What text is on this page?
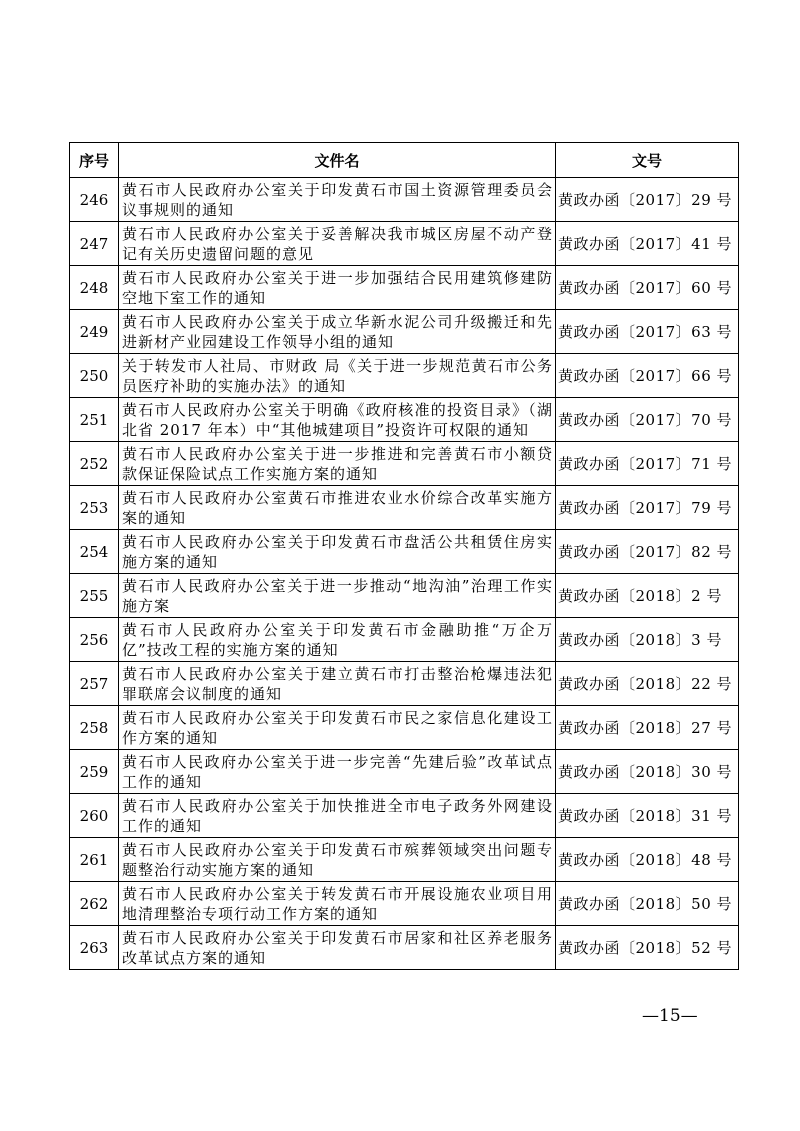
序号	文件名	文号
246	黄石市人民政府办公室关于印发黄石市国土资源管理委员会议事规则的通知	黄政办函〔2017〕29 号
247	黄石市人民政府办公室关于妥善解决我市城区房屋不动产登记有关历史遗留问题的意见	黄政办函〔2017〕41 号
248	黄石市人民政府办公室关于进一步加强结合民用建筑修建防空地下室工作的通知	黄政办函〔2017〕60 号
249	黄石市人民政府办公室关于成立华新水泥公司升级搬迁和先进新材产业园建设工作领导小组的通知	黄政办函〔2017〕63 号
250	关于转发市人社局、市财政 局《关于进一步规范黄石市公务员医疗补助的实施办法》的通知	黄政办函〔2017〕66 号
251	黄石市人民政府办公室关于明确《政府核准的投资目录》（湖北省 2017 年本）中“其他城建项目”投资许可权限的通知	黄政办函〔2017〕70 号
252	黄石市人民政府办公室关于进一步推进和完善黄石市小额贷款保证保险试点工作实施方案的通知	黄政办函〔2017〕71 号
253	黄石市人民政府办公室黄石市推进农业水价综合改革实施方案的通知	黄政办函〔2017〕79 号
254	黄石市人民政府办公室关于印发黄石市盘活公共租赁住房实施方案的通知	黄政办函〔2017〕82 号
255	黄石市人民政府办公室关于进一步推动“地沟油”治理工作实施方案	黄政办函〔2018〕2 号
256	黄石市人民政府办公室关于印发黄石市金融助推“万企万亿”技改工程的实施方案的通知	黄政办函〔2018〕3 号
257	黄石市人民政府办公室关于建立黄石市打击整治枪爆违法犯罪联席会议制度的通知	黄政办函〔2018〕22 号
258	黄石市人民政府办公室关于印发黄石市民之家信息化建设工作方案的通知	黄政办函〔2018〕27 号
259	黄石市人民政府办公室关于进一步完善“先建后验”改革试点工作的通知	黄政办函〔2018〕30 号
260	黄石市人民政府办公室关于加快推进全市电子政务外网建设工作的通知	黄政办函〔2018〕31 号
261	黄石市人民政府办公室关于印发黄石市殡葬领域突出问题专题整治行动实施方案的通知	黄政办函〔2018〕48 号
262	黄石市人民政府办公室关于转发黄石市开展设施农业项目用地清理整治专项行动工作方案的通知	黄政办函〔2018〕50 号
263	黄石市人民政府办公室关于印发黄石市居家和社区养老服务改革试点方案的通知	黄政办函〔2018〕52 号
—15—
